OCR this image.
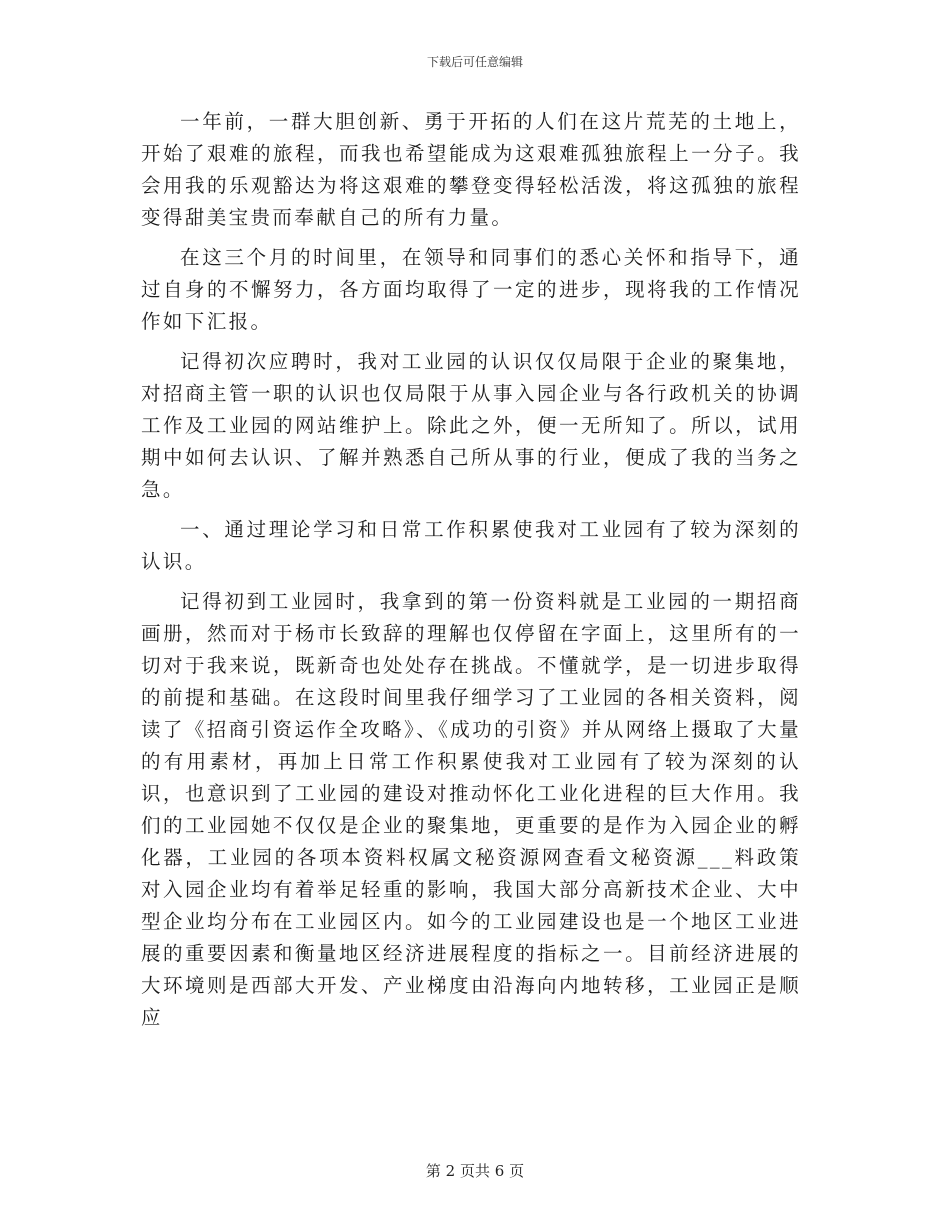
下载后可任意编辑

一年前，一群大胆创新、勇于开拓的人们在这片荒芜的土地上，开始了艰难的旅程，而我也希望能成为这艰难孤独旅程上一分子。我会用我的乐观豁达为将这艰难的攀登变得轻松活泼，将这孤独的旅程变得甜美宝贵而奉献自己的所有力量。

在这三个月的时间里，在领导和同事们的悉心关怀和指导下，通过自身的不懈努力，各方面均取得了一定的进步，现将我的工作情况作如下汇报。

记得初次应聘时，我对工业园的认识仅仅局限于企业的聚集地，对招商主管一职的认识也仅局限于从事入园企业与各行政机关的协调工作及工业园的网站维护上。除此之外，便一无所知了。所以，试用期中如何去认识、了解并熟悉自己所从事的行业，便成了我的当务之急。

一、通过理论学习和日常工作积累使我对工业园有了较为深刻的认识。

记得初到工业园时，我拿到的第一份资料就是工业园的一期招商画册，然而对于杨市长致辞的理解也仅停留在字面上，这里所有的一切对于我来说，既新奇也处处存在挑战。不懂就学，是一切进步取得的前提和基础。在这段时间里我仔细学习了工业园的各相关资料，阅读了《招商引资运作全攻略》、《成功的引资》并从网络上摄取了大量的有用素材，再加上日常工作积累使我对工业园有了较为深刻的认识，也意识到了工业园的建设对推动怀化工业化进程的巨大作用。我们的工业园她不仅仅是企业的聚集地，更重要的是作为入园企业的孵化器，工业园的各项本资料权属文秘资源网查看文秘资源___料政策对入园企业均有着举足轻重的影响，我国大部分高新技术企业、大中型企业均分布在工业园区内。如今的工业园建设也是一个地区工业进展的重要因素和衡量地区经济进展程度的指标之一。目前经济进展的大环境则是西部大开发、产业梯度由沿海向内地转移，工业园正是顺应

第 2 页共 6 页
